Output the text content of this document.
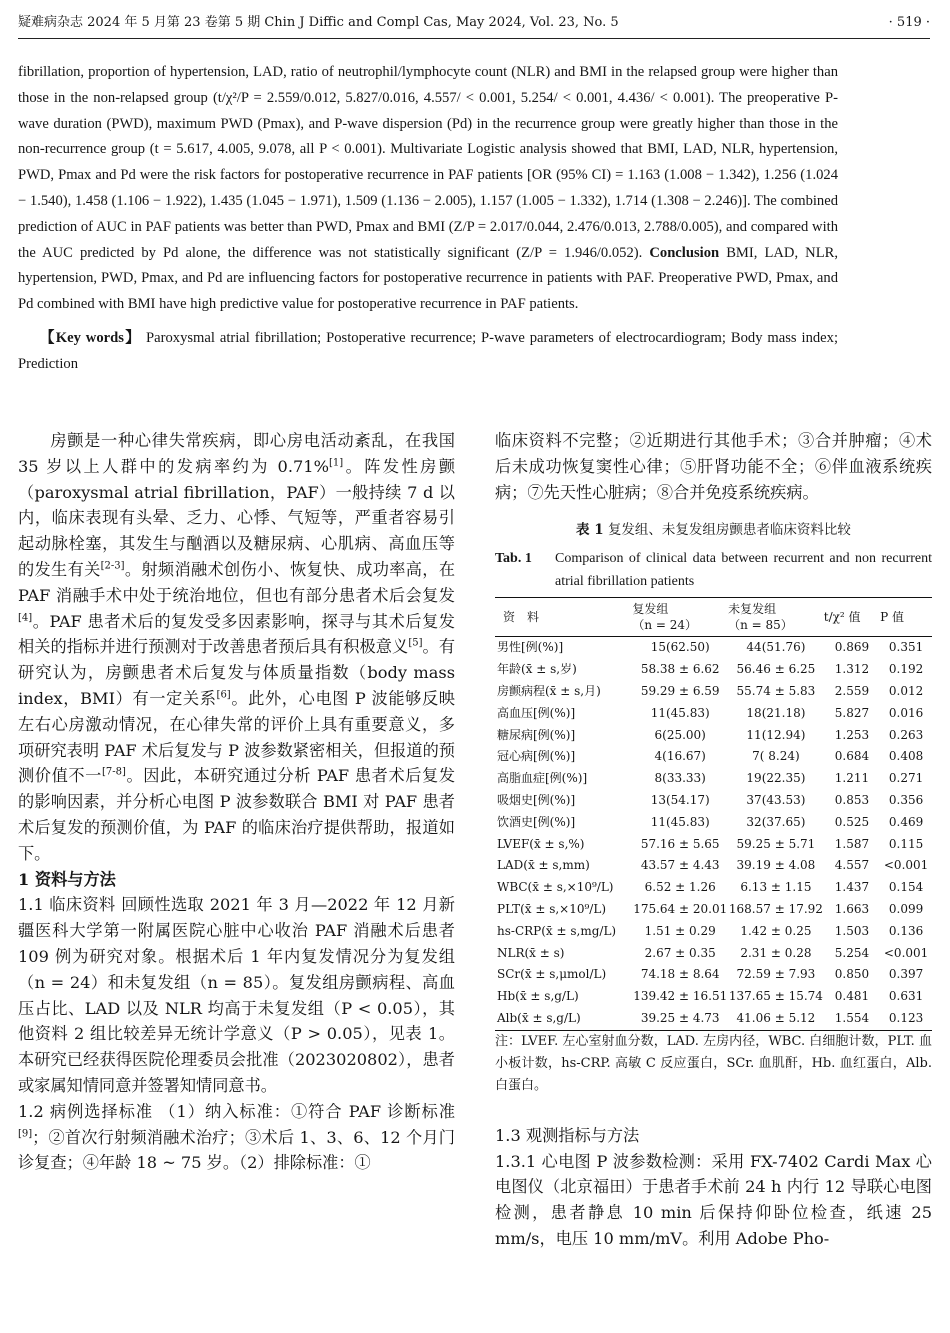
疑难病杂志 2024 年 5 月第 23 卷第 5 期 Chin J Diffic and Compl Cas, May 2024, Vol. 23, No. 5	· 519 ·

fibrillation, proportion of hypertension, LAD, ratio of neutrophil/lymphocyte count (NLR) and BMI in the relapsed group were higher than those in the non-relapsed group (t/χ²/P = 2.559/0.012, 5.827/0.016, 4.557/ < 0.001, 5.254/ < 0.001, 4.436/ < 0.001). The preoperative P-wave duration (PWD), maximum PWD (Pmax), and P-wave dispersion (Pd) in the recurrence group were greatly higher than those in the non-recurrence group (t = 5.617, 4.005, 9.078, all P < 0.001). Multivariate Logistic analysis showed that BMI, LAD, NLR, hypertension, PWD, Pmax and Pd were the risk factors for postoperative recurrence in PAF patients [OR (95% CI) = 1.163 (1.008 − 1.342), 1.256 (1.024 − 1.540), 1.458 (1.106 − 1.922), 1.435 (1.045 − 1.971), 1.509 (1.136 − 2.005), 1.157 (1.005 − 1.332), 1.714 (1.308 − 2.246)]. The combined prediction of AUC in PAF patients was better than PWD, Pmax and BMI (Z/P = 2.017/0.044, 2.476/0.013, 2.788/0.005), and compared with the AUC predicted by Pd alone, the difference was not statistically significant (Z/P = 1.946/0.052). Conclusion BMI, LAD, NLR, hypertension, PWD, Pmax, and Pd are influencing factors for postoperative recurrence in patients with PAF. Preoperative PWD, Pmax, and Pd combined with BMI have high predictive value for postoperative recurrence in PAF patients.

【Key words】 Paroxysmal atrial fibrillation; Postoperative recurrence; P-wave parameters of electrocardiogram; Body mass index; Prediction

房颤是一种心律失常疾病，即心房电活动紊乱，在我国 35 岁以上人群中的发病率约为 0.71%[1]。阵发性房颤（paroxysmal atrial fibrillation，PAF）一般持续 7 d 以内，临床表现有头晕、乏力、心悸、气短等，严重者容易引起动脉栓塞，其发生与酗酒以及糖尿病、心肌病、高血压等的发生有关[2-3]。射频消融术创伤小、恢复快、成功率高，在 PAF 消融手术中处于统治地位，但也有部分患者术后会复发[4]。PAF 患者术后的复发受多因素影响，探寻与其术后复发相关的指标并进行预测对于改善患者预后具有积极意义[5]。有研究认为，房颤患者术后复发与体质量指数（body mass index，BMI）有一定关系[6]。此外，心电图 P 波能够反映左右心房激动情况，在心律失常的评价上具有重要意义，多项研究表明 PAF 术后复发与 P 波参数紧密相关，但报道的预测价值不一[7-8]。因此，本研究通过分析 PAF 患者术后复发的影响因素，并分析心电图 P 波参数联合 BMI 对 PAF 患者术后复发的预测价值，为 PAF 的临床治疗提供帮助，报道如下。

1 资料与方法

1.1 临床资料 回顾性选取 2021 年 3 月—2022 年 12 月新疆医科大学第一附属医院心脏中心收治 PAF 消融术后患者 109 例为研究对象。根据术后 1 年内复发情况分为复发组（n = 24）和未复发组（n = 85）。复发组房颤病程、高血压占比、LAD 以及 NLR 均高于未复发组（P < 0.05），其他资料 2 组比较差异无统计学意义（P > 0.05），见表 1。本研究已经获得医院伦理委员会批准（2023020802），患者或家属知情同意并签署知情同意书。

1.2 病例选择标准 （1）纳入标准：①符合 PAF 诊断标准[9]；②首次行射频消融术治疗；③术后 1、3、6、12 个月门诊复查；④年龄 18 ~ 75 岁。（2）排除标准：①

临床资料不完整；②近期进行其他手术；③合并肿瘤；④术后未成功恢复窦性心律；⑤肝肾功能不全；⑥伴血液系统疾病；⑦先天性心脏病；⑧合并免疫系统疾病。

表 1 复发组、未复发组房颤患者临床资料比较
Tab. 1	Comparison of clinical data between recurrent and non recurrent atrial fibrillation patients
资料	复发组
（n = 24）	未复发组
（n = 85）	t/χ² 值	P 值
男性[例(%)]	15(62.50)	44(51.76)	0.869	0.351
年龄(x̄ ± s,岁)	58.38 ± 6.62	56.46 ± 6.25	1.312	0.192
房颤病程(x̄ ± s,月)	59.29 ± 6.59	55.74 ± 5.83	2.559	0.012
高血压[例(%)]	11(45.83)	18(21.18)	5.827	0.016
糖尿病[例(%)]	6(25.00)	11(12.94)	1.253	0.263
冠心病[例(%)]	4(16.67)	7( 8.24)	0.684	0.408
高脂血症[例(%)]	8(33.33)	19(22.35)	1.211	0.271
吸烟史[例(%)]	13(54.17)	37(43.53)	0.853	0.356
饮酒史[例(%)]	11(45.83)	32(37.65)	0.525	0.469
LVEF(x̄ ± s,%)	57.16 ± 5.65	59.25 ± 5.71	1.587	0.115
LAD(x̄ ± s,mm)	43.57 ± 4.43	39.19 ± 4.08	4.557	<0.001
WBC(x̄ ± s,×10⁹/L)	6.52 ± 1.26	6.13 ± 1.15	1.437	0.154
PLT(x̄ ± s,×10⁹/L)	175.64 ± 20.01	168.57 ± 17.92	1.663	0.099
hs-CRP(x̄ ± s,mg/L)	1.51 ± 0.29	1.42 ± 0.25	1.503	0.136
NLR(x̄ ± s)	2.67 ± 0.35	2.31 ± 0.28	5.254	<0.001
SCr(x̄ ± s,μmol/L)	74.18 ± 8.64	72.59 ± 7.93	0.850	0.397
Hb(x̄ ± s,g/L)	139.42 ± 16.51	137.65 ± 15.74	0.481	0.631
Alb(x̄ ± s,g/L)	39.25 ± 4.73	41.06 ± 5.12	1.554	0.123

注：LVEF. 左心室射血分数，LAD. 左房内径，WBC. 白细胞计数，PLT. 血小板计数，hs-CRP. 高敏 C 反应蛋白，SCr. 血肌酐，Hb. 血红蛋白，Alb. 白蛋白。

1.3 观测指标与方法

1.3.1 心电图 P 波参数检测：采用 FX-7402 Cardi Max 心电图仪（北京福田）于患者手术前 24 h 内行 12 导联心电图检测，患者静息 10 min 后保持仰卧位检查，纸速 25 mm/s，电压 10 mm/mV。利用 Adobe Pho-
